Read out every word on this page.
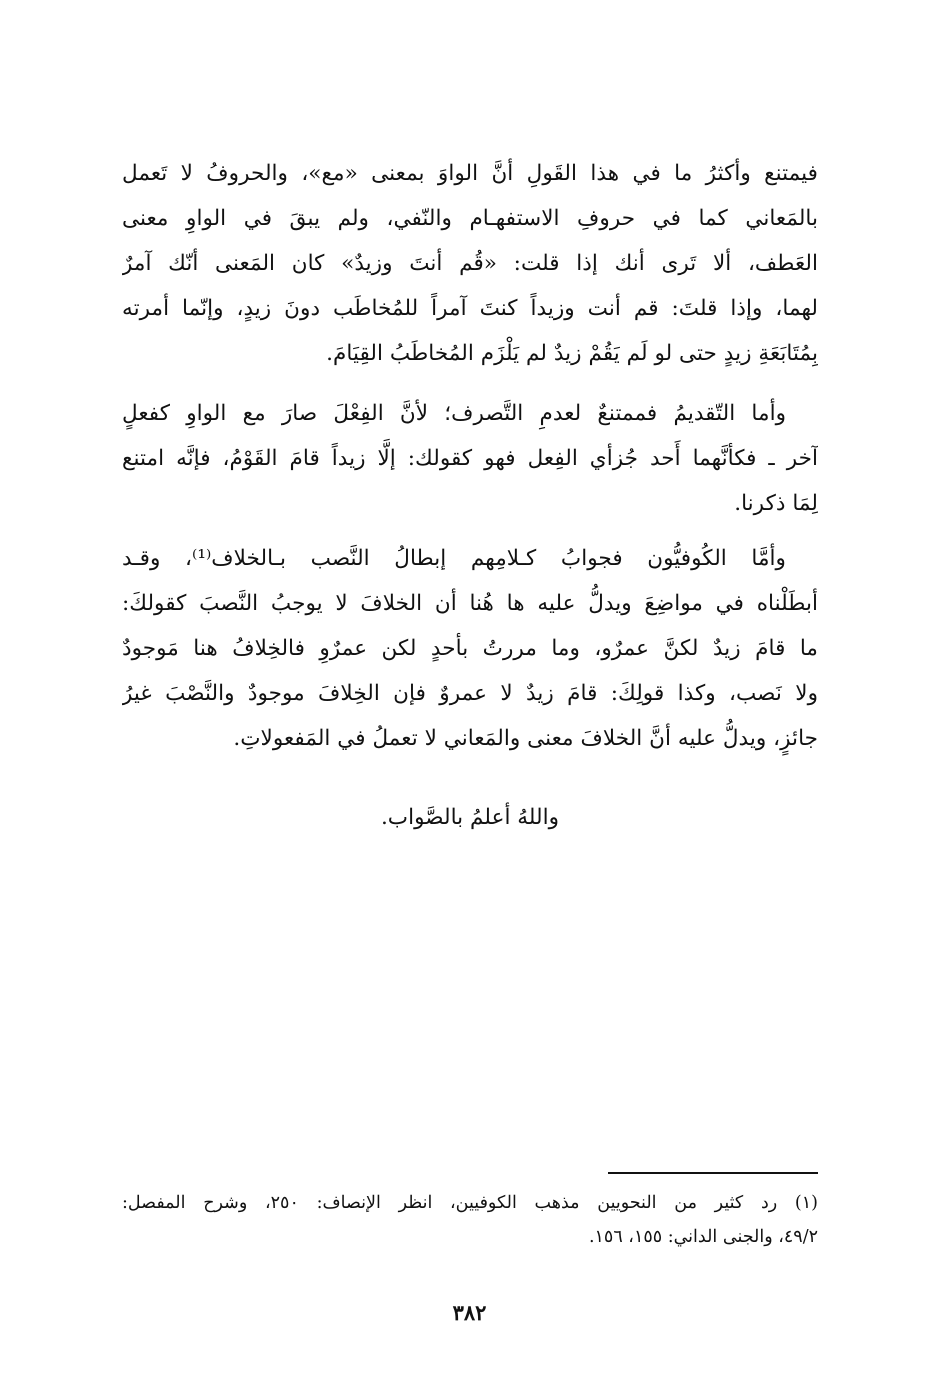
فيمتنع وأكثرُ ما في هذا القَولِ أنَّ الواوَ بمعنى «مع»، والحروفُ لا تَعمل
بالمَعاني كما في حروفِ الاستفهـام والنّفي، ولم يبقَ في الواوِ معنى
العَطف، ألا تَرى أنك إذا قلت: «قُم أنتَ وزيدٌ» كان المَعنى أنّك آمرٌ
لهما، وإذا قلتَ: قم أنت وزيداً كنتَ آمراً للمُخاطَب دونَ زيدٍ، وإنّما أمرته
بِمُتَابَعَةِ زيدٍ حتى لو لَم يَقُمْ زيدٌ لم يَلْزَم المُخاطَبُ القِيَامَ.
وأما التّقديمُ فممتنعٌ لعدمِ التَّصرف؛ لأنَّ الفِعْلَ صارَ مع الواوِ كفعلٍ
آخر ـ فكأنَّهما أَحد جُزأي الفِعل فهو كقولك: إلَّا زيداً قامَ القَوْمُ، فإنَّه امتنع
لِمَا ذكرنا.
وأمَّا الكُوفيُّون فجوابُ كـلامِهم إبطالُ النَّصب بـالخلاف⁽¹⁾، وقـد
أبطَلْناه في مواضِعَ ويدلُّ عليه ها هُنا أن الخلافَ لا يوجبُ النَّصبَ كقولكَ:
ما قامَ زيدٌ لكنَّ عمرٌو، وما مررتُ بأحدٍ لكن عمرٌوِ فالخِلافُ هنا مَوجودٌ
ولا نَصب، وكذا قولِكَ: قامَ زيدٌ لا عمروٌ فإن الخِلافَ موجودٌ والنَّصْبَ غيرُ
جائزٍ، ويدلُّ عليه أنَّ الخلافَ معنى والمَعاني لا تعملُ في المَفعولاتِ.
واللهُ أعلمُ بالصَّواب.
(١) رد كثير من النحويين مذهب الكوفيين، انظر الإنصاف: ٢٥٠، وشرح المفصل:
٤٩/٢، والجنى الداني: ١٥٥، ١٥٦.
٣٨٢
